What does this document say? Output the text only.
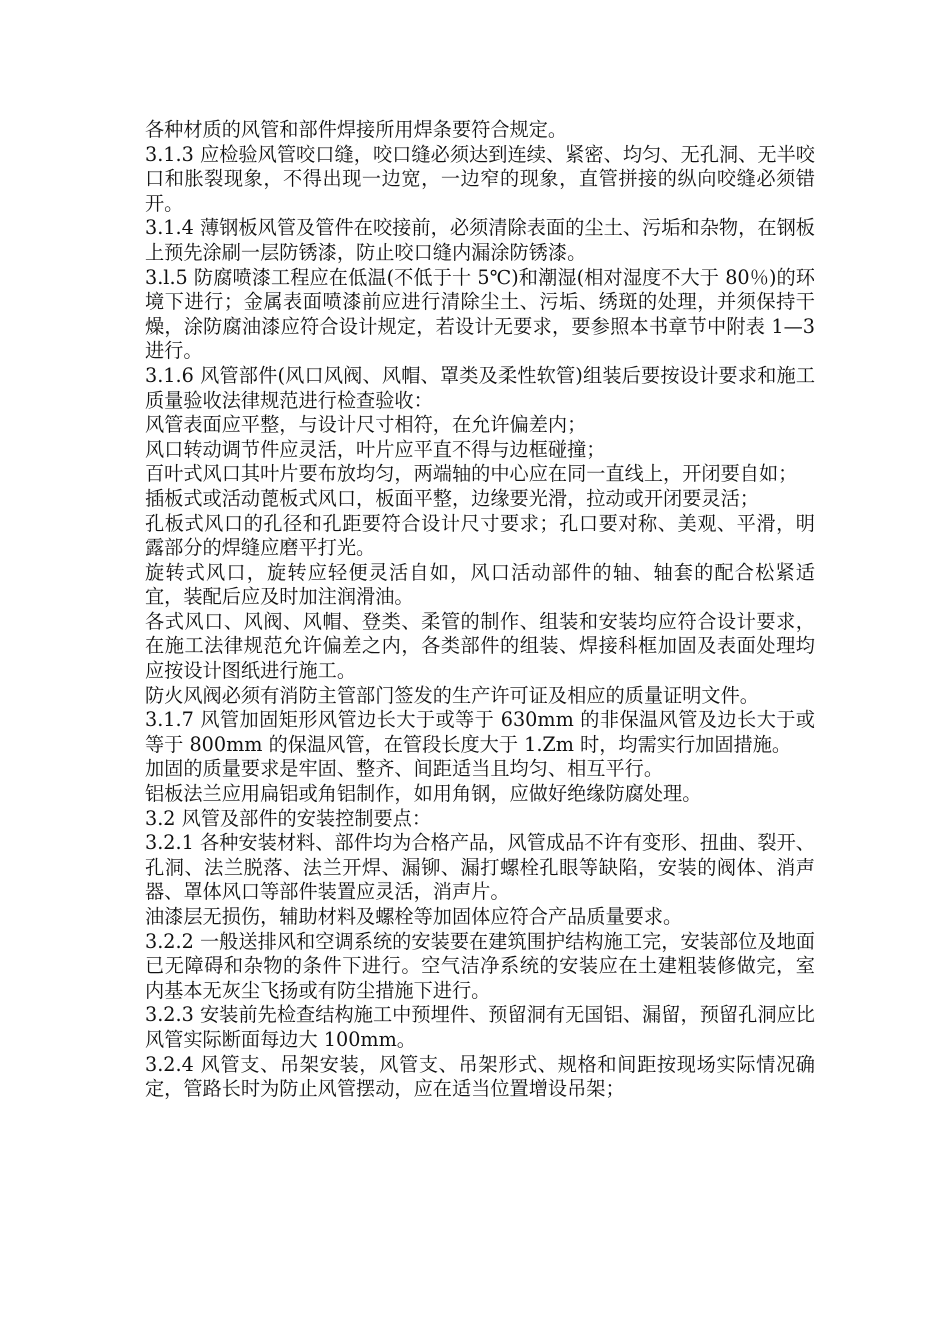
各种材质的风管和部件焊接所用焊条要符合规定。

3.1.3 应检验风管咬口缝，咬口缝必须达到连续、紧密、均匀、无孔洞、无半咬口和胀裂现象，不得出现一边宽，一边窄的现象，直管拼接的纵向咬缝必须错开。

3.1.4 薄钢板风管及管件在咬接前，必须清除表面的尘土、污垢和杂物，在钢板上预先涂刷一层防锈漆，防止咬口缝内漏涂防锈漆。

3.l.5 防腐喷漆工程应在低温(不低于十 5℃)和潮湿(相对湿度不大于 80％)的环境下进行；金属表面喷漆前应进行清除尘土、污垢、绣斑的处理，并须保持干燥，涂防腐油漆应符合设计规定，若设计无要求，要参照本书章节中附表 1—3 进行。

3.1.6 风管部件(风口风阀、风帽、罩类及柔性软管)组装后要按设计要求和施工质量验收法律规范进行检查验收：

风管表面应平整，与设计尺寸相符，在允许偏差内；

风口转动调节件应灵活，叶片应平直不得与边框碰撞；

百叶式风口其叶片要布放均匀，两端轴的中心应在同一直线上，开闭要自如；

插板式或活动蓖板式风口，板面平整，边缘要光滑，拉动或开闭要灵活；

孔板式风口的孔径和孔距要符合设计尺寸要求；孔口要对称、美观、平滑，明露部分的焊缝应磨平打光。

旋转式风口，旋转应轻便灵活自如，风口活动部件的轴、轴套的配合松紧适宜，装配后应及时加注润滑油。

各式风口、风阀、风帽、登类、柔管的制作、组装和安装均应符合设计要求，在施工法律规范允许偏差之内，各类部件的组装、焊接科框加固及表面处理均应按设计图纸进行施工。

防火风阀必须有消防主管部门签发的生产许可证及相应的质量证明文件。

3.1.7 风管加固矩形风管边长大于或等于 630mm 的非保温风管及边长大于或等于 800mm 的保温风管，在管段长度大于 1.Zm 时，均需实行加固措施。

加固的质量要求是牢固、整齐、间距适当且均匀、相互平行。

铝板法兰应用扁铝或角铝制作，如用角钢，应做好绝缘防腐处理。

3.2 风管及部件的安装控制要点：

3.2.1 各种安装材料、部件均为合格产品，风管成品不许有变形、扭曲、裂开、孔洞、法兰脱落、法兰开焊、漏铆、漏打螺栓孔眼等缺陷，安装的阀体、消声器、罩体风口等部件装置应灵活，消声片。

油漆层无损伤，辅助材料及螺栓等加固体应符合产品质量要求。

3.2.2 一般送排风和空调系统的安装要在建筑围护结构施工完，安装部位及地面已无障碍和杂物的条件下进行。空气洁净系统的安装应在土建粗装修做完，室内基本无灰尘飞扬或有防尘措施下进行。

3.2.3 安装前先检查结构施工中预埋件、预留洞有无国铝、漏留，预留孔洞应比风管实际断面每边大 100mm。

3.2.4 风管支、吊架安装，风管支、吊架形式、规格和间距按现场实际情况确定，管路长时为防止风管摆动，应在适当位置增设吊架；
